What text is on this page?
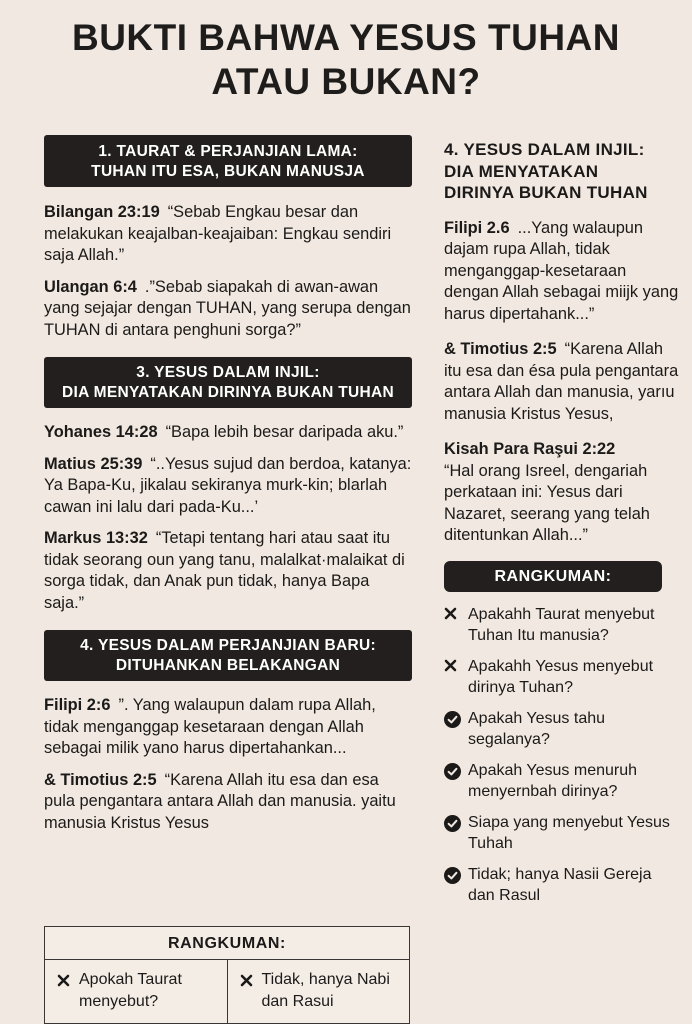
BUKTI BAHWA YESUS TUHAN
ATAU BUKAN?
1. TAURAT & PERJANJIAN LAMA:
TUHAN ITU ESA, BUKAN MANUSJA
Bilangan 23:19 “Sebab Engkau besar dan melakukan keajalban-keajaiban: Engkau sendiri saja Allah.”
Ulangan 6:4 .”Sebab siapakah di awan-awan yang sejajar dengan TUHAN, yang serupa dengan TUHAN di antara penghuni sorga?”
3. YESUS DALAM INJIL:
DIA MENYATAKAN DIRINYA BUKAN TUHAN
Yohanes 14:28 “Bapa lebih besar daripada aku.”
Matius 25:39 “..Yesus sujud dan berdoa, katanya: Ya Bapa-Ku, jikalau sekiranya murk-kin; blarlah cawan ini lalu dari pada-Ku...’
Markus 13:32 “Tetapi tentang hari atau saat itu tidak seorang oun yang tanu, malalkat·malaikat di sorga tidak, dan Anak pun tidak, hanya Bapa saja.”
4. YESUS DALAM PERJANJIAN BARU:
DITUHANKAN BELAKANGAN
Filipi 2:6 ”. Yang walaupun dalam rupa Allah, tidak menganggap kesetaraan dengan Allah sebagai milik yano harus dipertahankan...
& Timotius 2:5 “Karena Allah itu esa dan esa pula pengantara antara Allah dan manusia. yaitu manusia Kristus Yesus
RANGKUMAN:
Apokah Taurat menyebut?
Tidak, hanya Nabi dan Rasui
4. YESUS DALAM INJIL:
DIA MENYATAKAN
DIRINYA BUKAN TUHAN
Filipi 2.6 ...Yang walaupun dajam rupa Allah, tidak menganggap-kesetaraan dengan Allah sebagai miijk yang harus dipertahank...”
& Timotius 2:5 “Karena Allah itu esa dan ésa pula pengantara antara Allah dan manusia, yarıu manusia Kristus Yesus,
Kisah Para Raşui 2:22
“Hal orang Isreel, dengariah perkataan ini: Yesus dari Nazaret, seerang yang telah ditentunkan Allah...”
RANGKUMAN:
Apakahh Taurat menyebut Tuhan Itu manusia?
Apakahh Yesus menyebut dirinya Tuhan?
Apakah Yesus tahu segalanya?
Apakah Yesus menuruh menyernbah dirinya?
Siapa yang menyebut Yesus Tuhah
Tidak; hanya Nasii Gereja dan Rasul
